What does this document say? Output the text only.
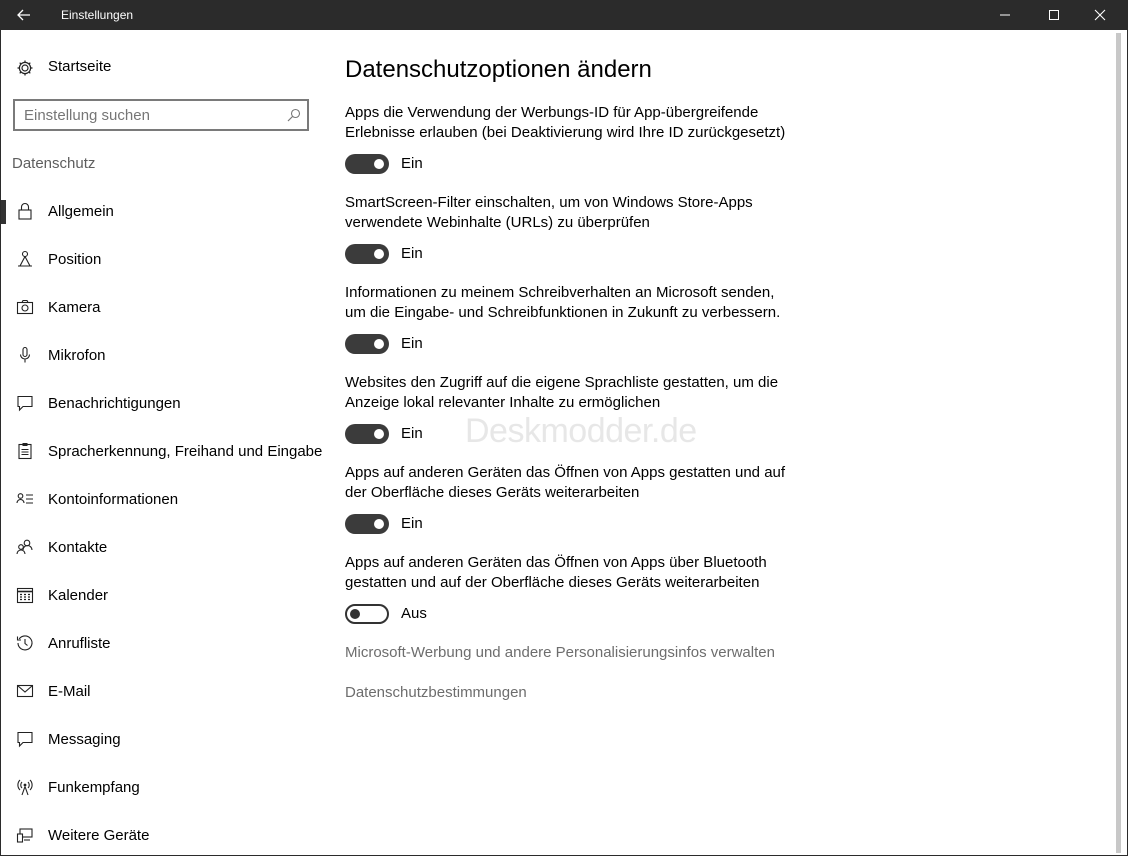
Einstellungen
Startseite
Einstellung suchen
Datenschutz
Allgemein
Position
Kamera
Mikrofon
Benachrichtigungen
Spracherkennung, Freihand und Eingabe
Kontoinformationen
Kontakte
Kalender
Anrufliste
E-Mail
Messaging
Funkempfang
Weitere Geräte
Datenschutzoptionen ändern
Apps die Verwendung der Werbungs-ID für App-übergreifende
Erlebnisse erlauben (bei Deaktivierung wird Ihre ID zurückgesetzt)
Ein
SmartScreen-Filter einschalten, um von Windows Store-Apps
verwendete Webinhalte (URLs) zu überprüfen
Ein
Informationen zu meinem Schreibverhalten an Microsoft senden,
um die Eingabe- und Schreibfunktionen in Zukunft zu verbessern.
Ein
Websites den Zugriff auf die eigene Sprachliste gestatten, um die
Anzeige lokal relevanter Inhalte zu ermöglichen
Ein
Apps auf anderen Geräten das Öffnen von Apps gestatten und auf
der Oberfläche dieses Geräts weiterarbeiten
Ein
Apps auf anderen Geräten das Öffnen von Apps über Bluetooth
gestatten und auf der Oberfläche dieses Geräts weiterarbeiten
Aus
Microsoft-Werbung und andere Personalisierungsinfos verwalten
Datenschutzbestimmungen
Deskmodder.de
